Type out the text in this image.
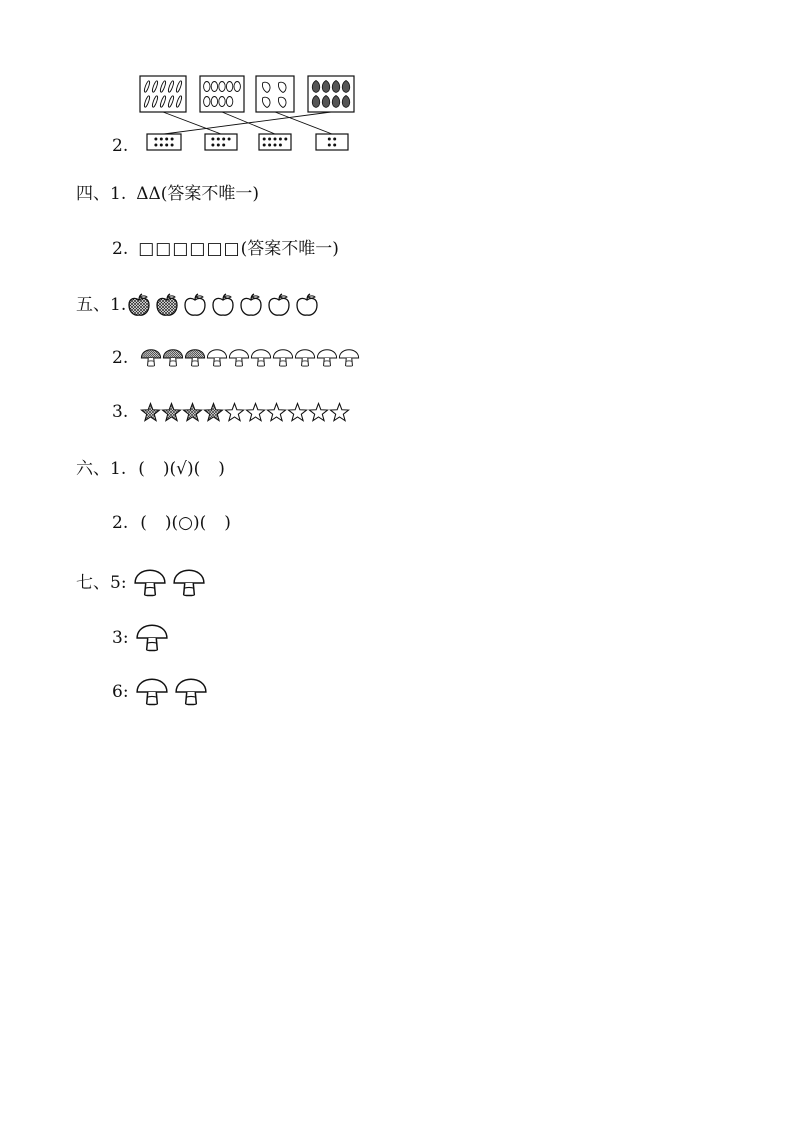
2.
四、 1. ΔΔ (答案不唯一)
2. □□□□□□ (答案不唯一)
五、 1.
2.
3.
六、 1. ( ) (√) ( )
2. ( ) (○) ( )
七、 5:
3:
6:
